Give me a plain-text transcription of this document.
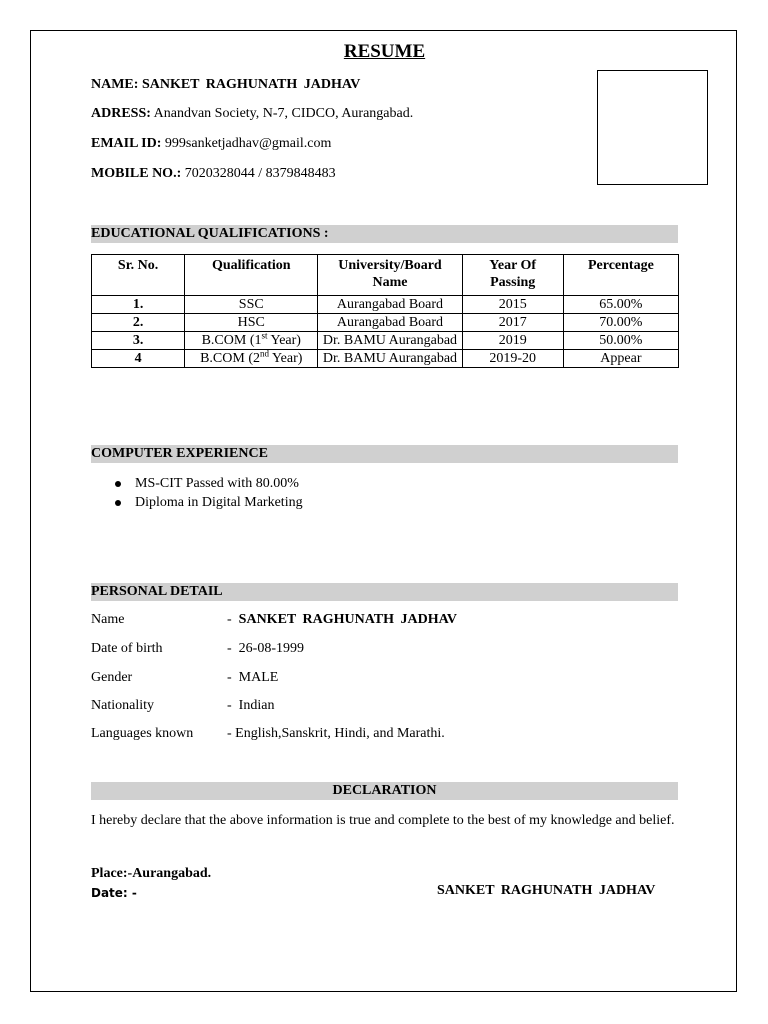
RESUME
NAME: SANKET RAGHUNATH JADHAV
ADRESS: Anandvan Society, N-7, CIDCO, Aurangabad.
EMAIL ID: 999sanketjadhav@gmail.com
MOBILE NO.: 7020328044 / 8379848483
EDUCATIONAL QUALIFICATIONS :
Sr. No.	Qualification	University/Board Name	Year Of Passing	Percentage
1.	SSC	Aurangabad Board	2015	65.00%
2.	HSC	Aurangabad Board	2017	70.00%
3.	B.COM (1st Year)	Dr. BAMU Aurangabad	2019	50.00%
4	B.COM (2nd Year)	Dr. BAMU Aurangabad	2019-20	Appear
COMPUTER EXPERIENCE
MS-CIT Passed with 80.00%
Diploma in Digital Marketing
PERSONAL DETAIL
Name	- SANKET RAGHUNATH JADHAV
Date of birth	- 26-08-1999
Gender	- MALE
Nationality	- Indian
Languages known - English,Sanskrit, Hindi, and Marathi.
DECLARATION
I hereby declare that the above information is true and complete to the best of my knowledge and belief.
Place:-Aurangabad.
Date: -	SANKET RAGHUNATH JADHAV
